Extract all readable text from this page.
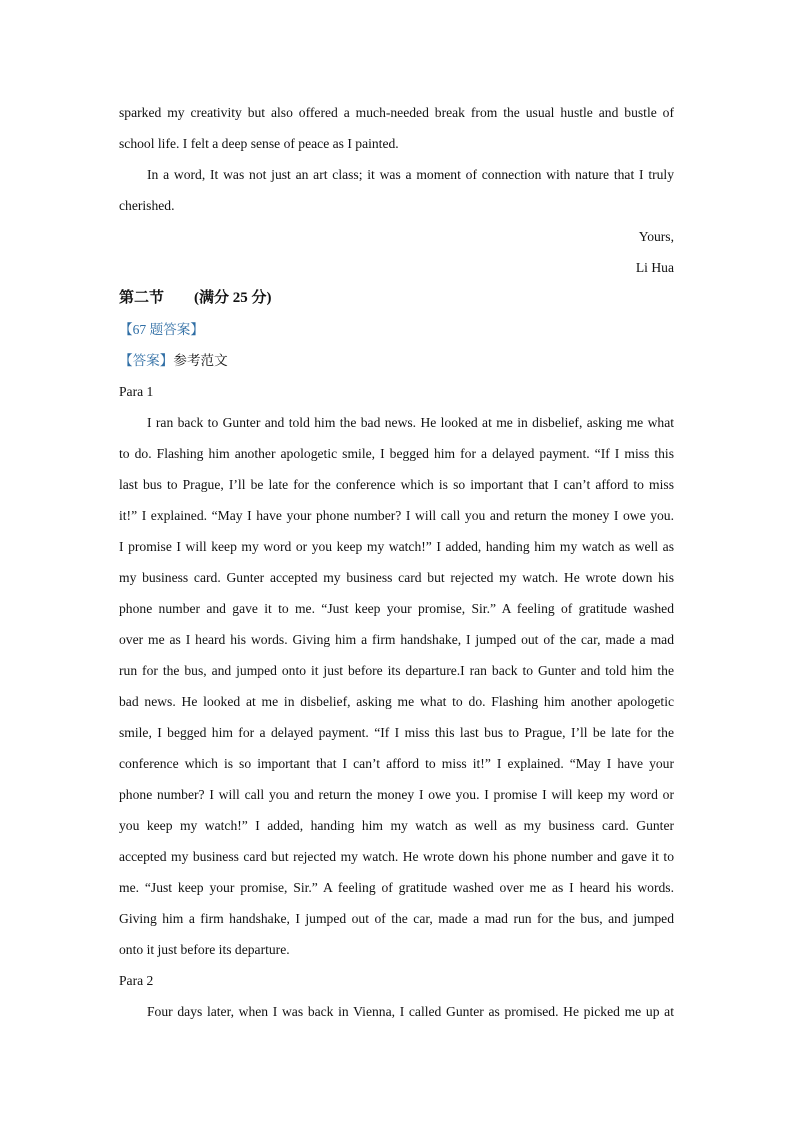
sparked my creativity but also offered a much-needed break from the usual hustle and bustle of
school life. I felt a deep sense of peace as I painted.
In a word, It was not just an art class; it was a moment of connection with nature that I truly
cherished.
Yours,
Li Hua
第二节 (满分 25 分)
【67 题答案】
【答案】参考范文
Para 1
I ran back to Gunter and told him the bad news. He looked at me in disbelief, asking me what
to do. Flashing him another apologetic smile, I begged him for a delayed payment. “If I miss this
last bus to Prague, I’ll be late for the conference which is so important that I can’t afford to miss
it!” I explained. “May I have your phone number? I will call you and return the money I owe you.
I promise I will keep my word or you keep my watch!” I added, handing him my watch as well as
my business card. Gunter accepted my business card but rejected my watch. He wrote down his
phone number and gave it to me. “Just keep your promise, Sir.” A feeling of gratitude washed
over me as I heard his words. Giving him a firm handshake, I jumped out of the car, made a mad
run for the bus, and jumped onto it just before its departure.I ran back to Gunter and told him the
bad news. He looked at me in disbelief, asking me what to do. Flashing him another apologetic
smile, I begged him for a delayed payment. “If I miss this last bus to Prague, I’ll be late for the
conference which is so important that I can’t afford to miss it!” I explained. “May I have your
phone number? I will call you and return the money I owe you. I promise I will keep my word or
you keep my watch!” I added, handing him my watch as well as my business card. Gunter
accepted my business card but rejected my watch. He wrote down his phone number and gave it to
me. “Just keep your promise, Sir.” A feeling of gratitude washed over me as I heard his words.
Giving him a firm handshake, I jumped out of the car, made a mad run for the bus, and jumped
onto it just before its departure.
Para 2
Four days later, when I was back in Vienna, I called Gunter as promised. He picked me up at
